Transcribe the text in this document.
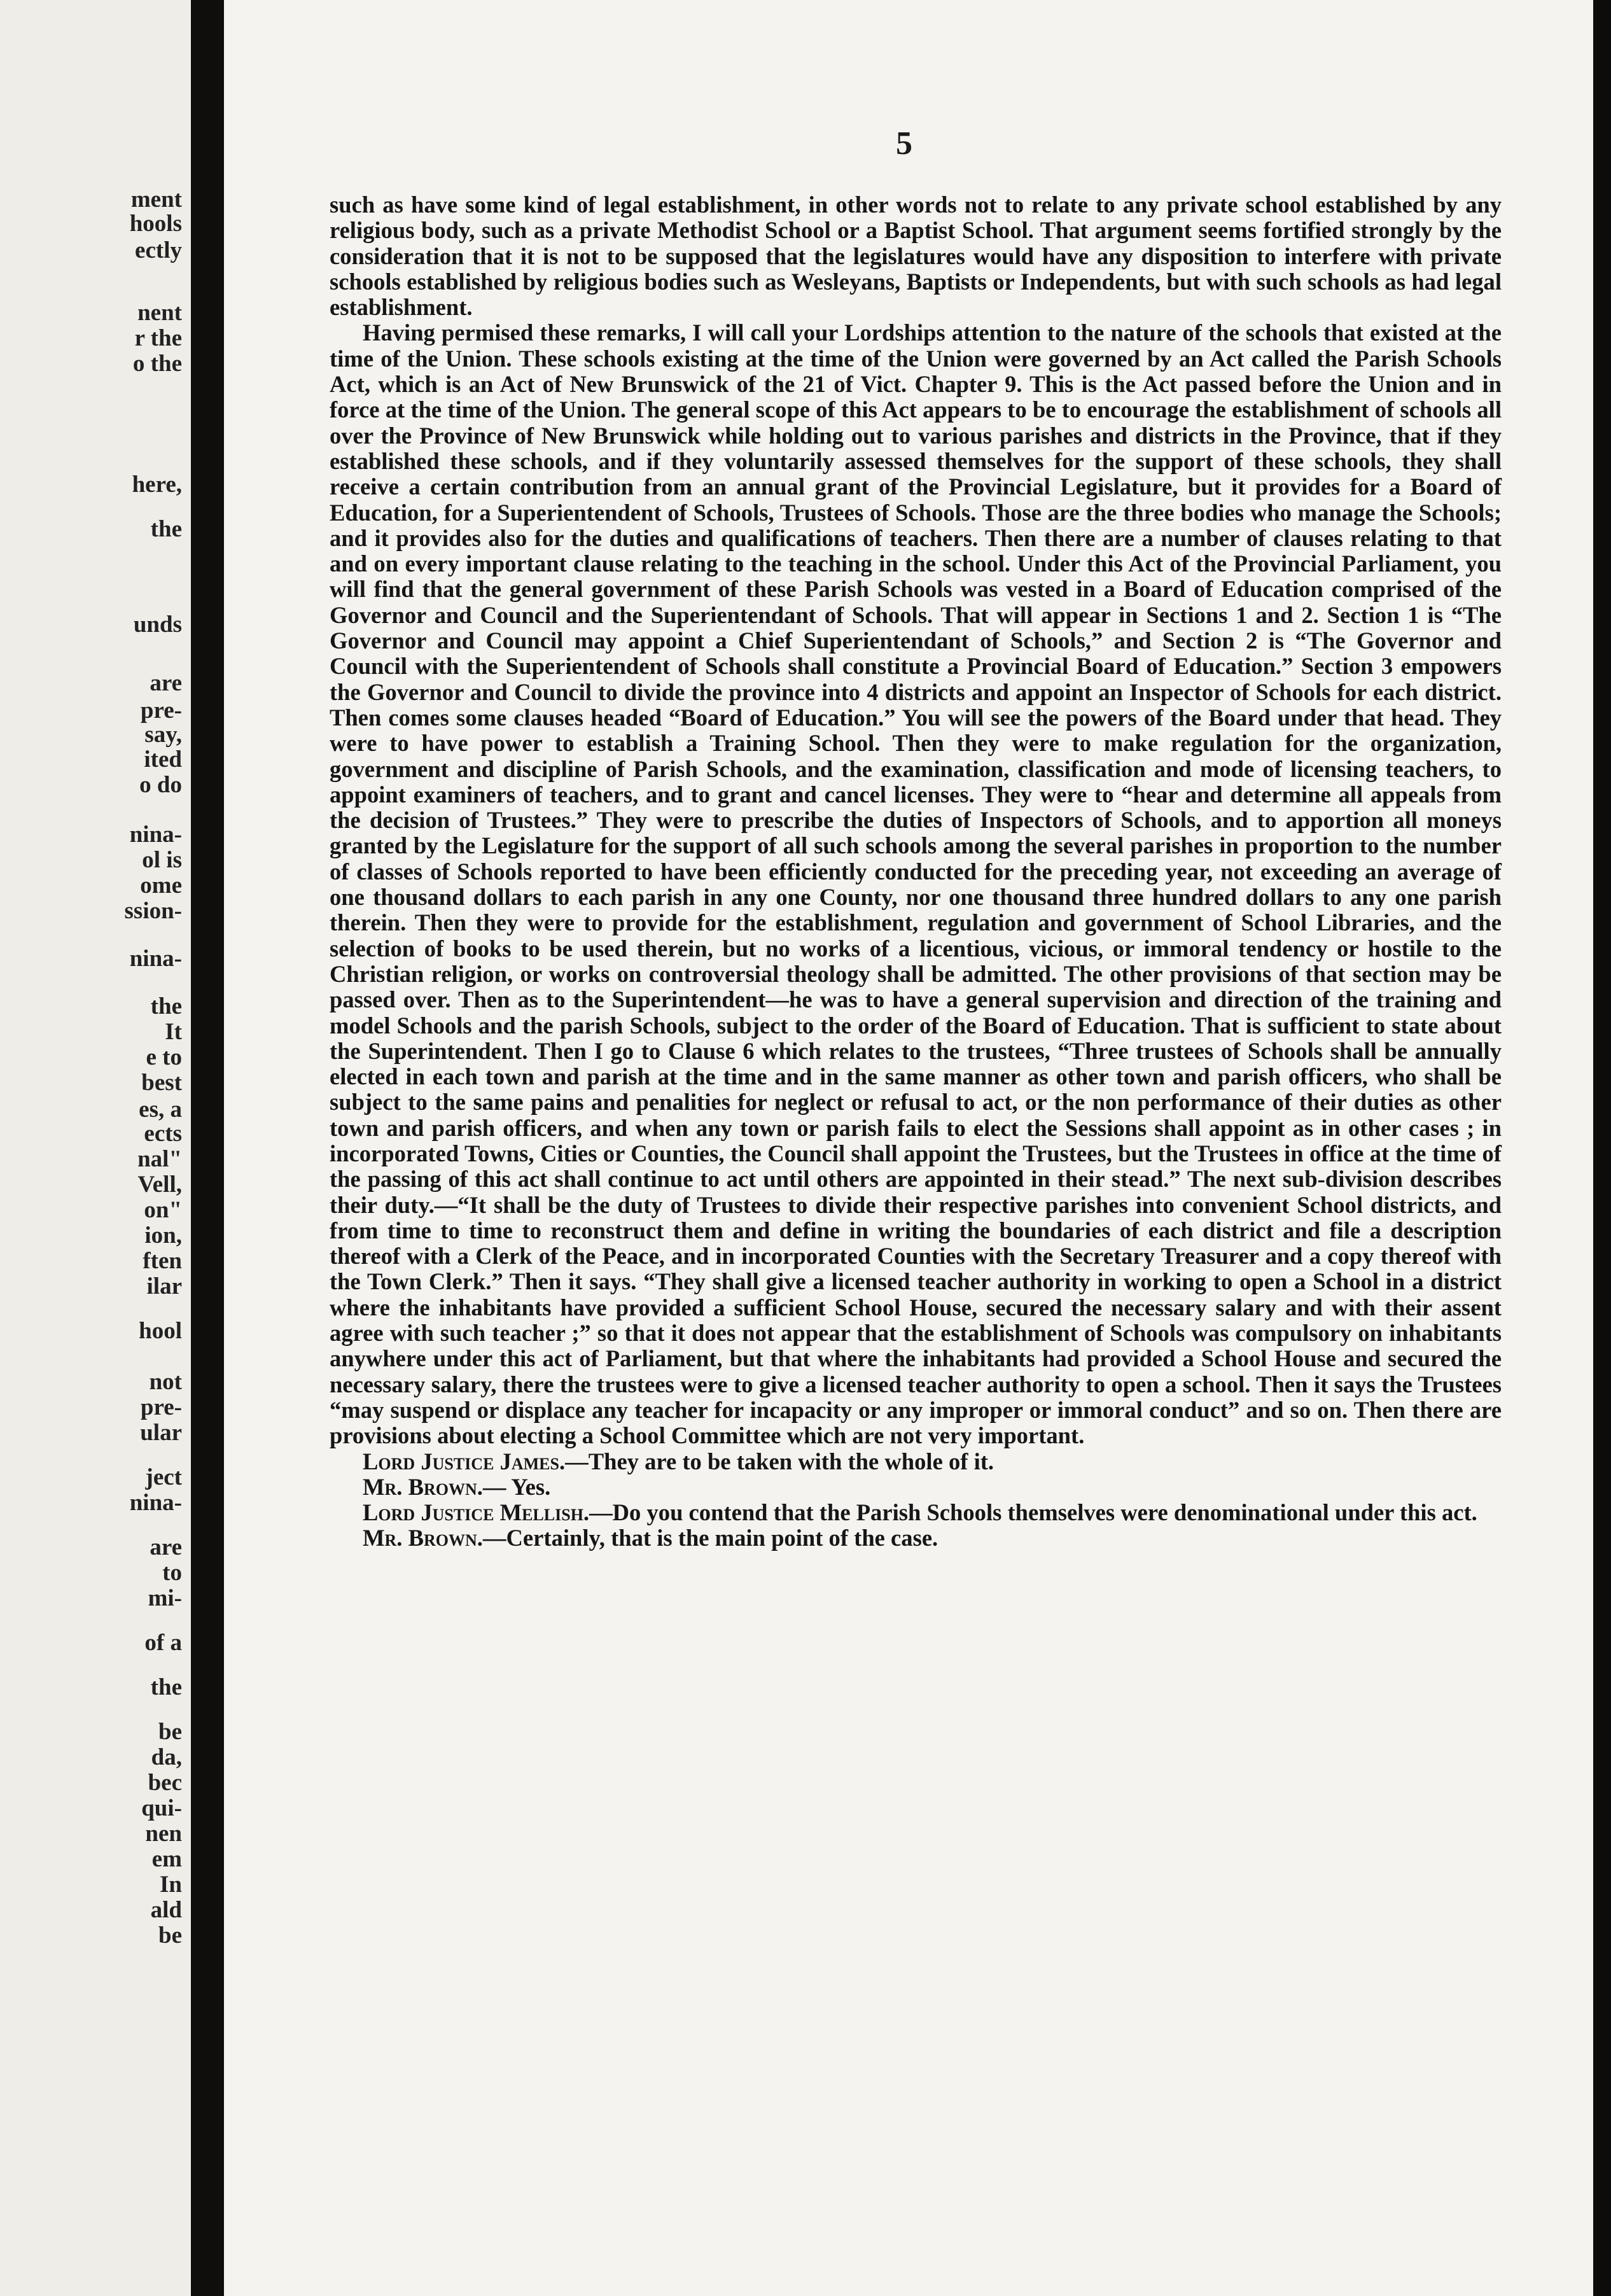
ment
hools
ectly
nent
r the
o the
here,
the
unds
are
pre-
say,
ited
o do
nina-
ol is
ome
ssion-
nina-
the
It
e to
best
es, a
ects
nal"
Vell,
on"
ion,
ften
ilar
hool
not
pre-
ular
ject
nina-
are
to
mi-
of a
the
be
da,
bec
qui-
nen
em
In
ald
be
5

such as have some kind of legal establishment, in other words not to relate to any private school established by any religious body, such as a private Methodist School or a Baptist School. That argument seems fortified strongly by the consideration that it is not to be supposed that the legislatures would have any disposition to interfere with private schools established by religious bodies such as Wesleyans, Baptists or Independents, but with such schools as had legal establishment.

Having permised these remarks, I will call your Lordships attention to the nature of the schools that existed at the time of the Union. These schools existing at the time of the Union were governed by an Act called the Parish Schools Act, which is an Act of New Brunswick of the 21 of Vict. Chapter 9. This is the Act passed before the Union and in force at the time of the Union. The general scope of this Act appears to be to encourage the establishment of schools all over the Province of New Brunswick while holding out to various parishes and districts in the Province, that if they established these schools, and if they voluntarily assessed themselves for the support of these schools, they shall receive a certain contribution from an annual grant of the Provincial Legislature, but it provides for a Board of Education, for a Superientendent of Schools, Trustees of Schools. Those are the three bodies who manage the Schools; and it provides also for the duties and qualifications of teachers. Then there are a number of clauses relating to that and on every important clause relating to the teaching in the school. Under this Act of the Provincial Parliament, you will find that the general government of these Parish Schools was vested in a Board of Education comprised of the Governor and Council and the Superientendant of Schools. That will appear in Sections 1 and 2. Section 1 is “The Governor and Council may appoint a Chief Superientendant of Schools,” and Section 2 is “The Governor and Council with the Superientendent of Schools shall constitute a Provincial Board of Education.” Section 3 empowers the Governor and Council to divide the province into 4 districts and appoint an Inspector of Schools for each district. Then comes some clauses headed “Board of Education.” You will see the powers of the Board under that head. They were to have power to establish a Training School. Then they were to make regulation for the organization, government and discipline of Parish Schools, and the examination, classification and mode of licensing teachers, to appoint examiners of teachers, and to grant and cancel licenses. They were to “hear and determine all appeals from the decision of Trustees.” They were to prescribe the duties of Inspectors of Schools, and to apportion all moneys granted by the Legislature for the support of all such schools among the several parishes in proportion to the number of classes of Schools reported to have been efficiently conducted for the preceding year, not exceeding an average of one thousand dollars to each parish in any one County, nor one thousand three hundred dollars to any one parish therein. Then they were to provide for the establishment, regulation and government of School Libraries, and the selection of books to be used therein, but no works of a licentious, vicious, or immoral tendency or hostile to the Christian religion, or works on controversial theology shall be admitted. The other provisions of that section may be passed over. Then as to the Superintendent—he was to have a general supervision and direction of the training and model Schools and the parish Schools, subject to the order of the Board of Education. That is sufficient to state about the Superintendent. Then I go to Clause 6 which relates to the trustees, “Three trustees of Schools shall be annually elected in each town and parish at the time and in the same manner as other town and parish officers, who shall be subject to the same pains and penalities for neglect or refusal to act, or the non performance of their duties as other town and parish officers, and when any town or parish fails to elect the Sessions shall appoint as in other cases ; in incorporated Towns, Cities or Counties, the Council shall appoint the Trustees, but the Trustees in office at the time of the passing of this act shall continue to act until others are appointed in their stead.” The next sub-division describes their duty.—“It shall be the duty of Trustees to divide their respective parishes into convenient School districts, and from time to time to reconstruct them and define in writing the boundaries of each district and file a description thereof with a Clerk of the Peace, and in incorporated Counties with the Secretary Treasurer and a copy thereof with the Town Clerk.” Then it says. “They shall give a licensed teacher authority in working to open a School in a district where the inhabitants have provided a sufficient School House, secured the necessary salary and with their assent agree with such teacher ;” so that it does not appear that the establishment of Schools was compulsory on inhabitants anywhere under this act of Parliament, but that where the inhabitants had provided a School House and secured the necessary salary, there the trustees were to give a licensed teacher authority to open a school. Then it says the Trustees “may suspend or displace any teacher for incapacity or any improper or immoral conduct” and so on. Then there are provisions about electing a School Committee which are not very important.

Lord Justice James.—They are to be taken with the whole of it.

Mr. Brown.— Yes.

Lord Justice Mellish.—Do you contend that the Parish Schools themselves were denominational under this act.

Mr. Brown.—Certainly, that is the main point of the case.
